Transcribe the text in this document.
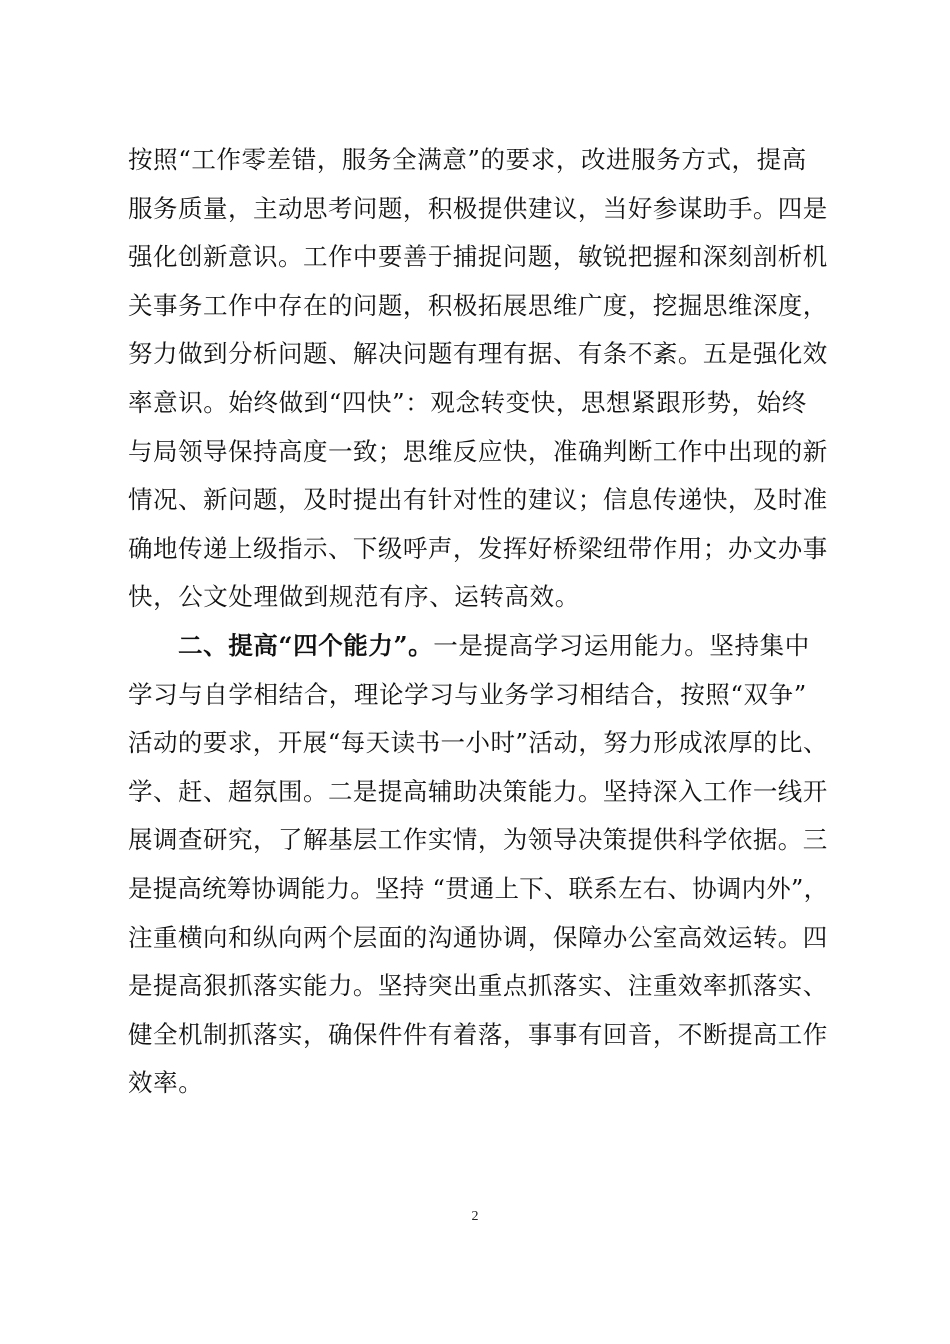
按照“工作零差错，服务全满意”的要求，改进服务方式，提高
服务质量，主动思考问题，积极提供建议，当好参谋助手。四是
强化创新意识。工作中要善于捕捉问题，敏锐把握和深刻剖析机
关事务工作中存在的问题，积极拓展思维广度，挖掘思维深度，
努力做到分析问题、解决问题有理有据、有条不紊。五是强化效
率意识。始终做到“四快”：观念转变快，思想紧跟形势，始终
与局领导保持高度一致；思维反应快，准确判断工作中出现的新
情况、新问题，及时提出有针对性的建议；信息传递快，及时准
确地传递上级指示、下级呼声，发挥好桥梁纽带作用；办文办事
快，公文处理做到规范有序、运转高效。
二、提高“四个能力”。一是提高学习运用能力。坚持集中
学习与自学相结合，理论学习与业务学习相结合，按照“双争”
活动的要求，开展“每天读书一小时”活动，努力形成浓厚的比、
学、赶、超氛围。二是提高辅助决策能力。坚持深入工作一线开
展调查研究，了解基层工作实情，为领导决策提供科学依据。三
是提高统筹协调能力。坚持 “贯通上下、联系左右、协调内外”，
注重横向和纵向两个层面的沟通协调，保障办公室高效运转。四
是提高狠抓落实能力。坚持突出重点抓落实、注重效率抓落实、
健全机制抓落实，确保件件有着落，事事有回音，不断提高工作
效率。
2
